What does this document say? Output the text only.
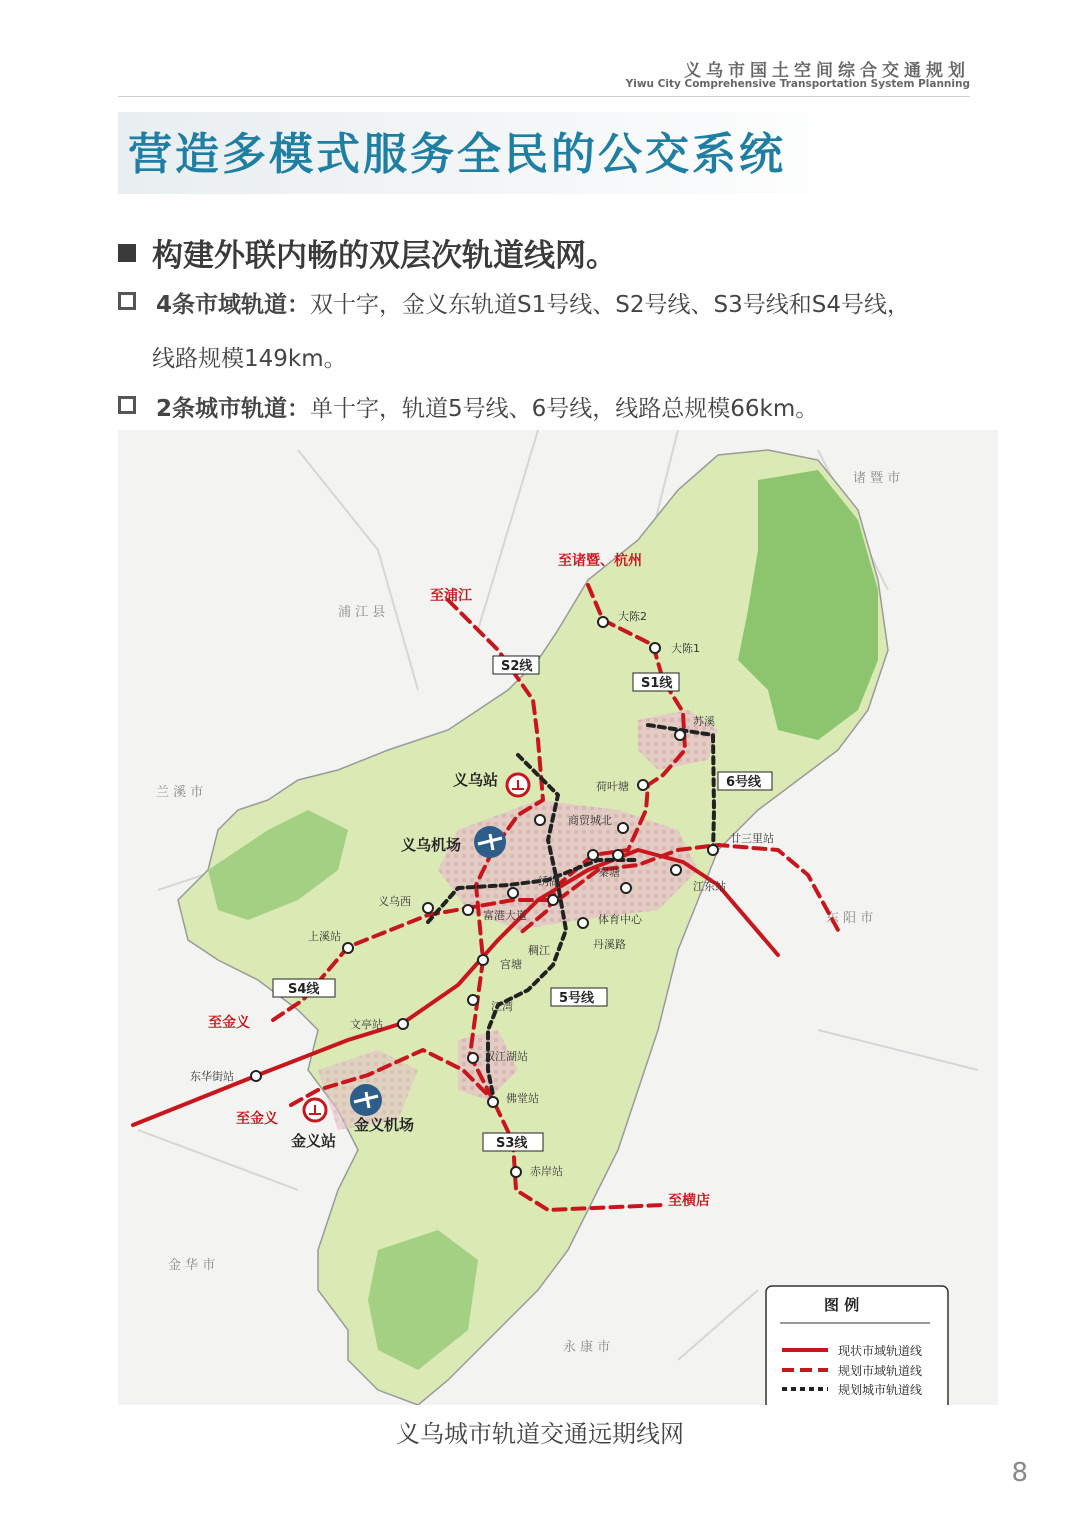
义乌市国土空间综合交通规划
Yiwu City Comprehensive Transportation System Planning
营造多模式服务全民的公交系统
构建外联内畅的双层次轨道线网。
4条市域轨道：双十字，金义东轨道S1号线、S2号线、S3号线和S4号线，
线路规模149km。
2条城市轨道：单十字，轨道5号线、6号线，线路总规模66km。
诸 暨 市
浦 江 县
兰 溪 市
东 阳 市
金 华 市
永 康 市
大陈2
大陈1
苏溪
荷叶塘
商贸城北
廿三里站
江东站
秦塘
体育中心
丹溪路
绣湖
富港大道
义乌西
稠江
宫塘
上溪站
江湾
文亭站
东华街站
双江湖站
佛堂站
赤岸站
至诸暨、杭州
至浦江
至金义
至金义
至横店
S2线
S1线
6号线
5号线
S4线
S3线
义乌站
义乌机场
金义机场
金义站
图 例
现状市域轨道线
规划市域轨道线
规划城市轨道线
义乌城市轨道交通远期线网
8
